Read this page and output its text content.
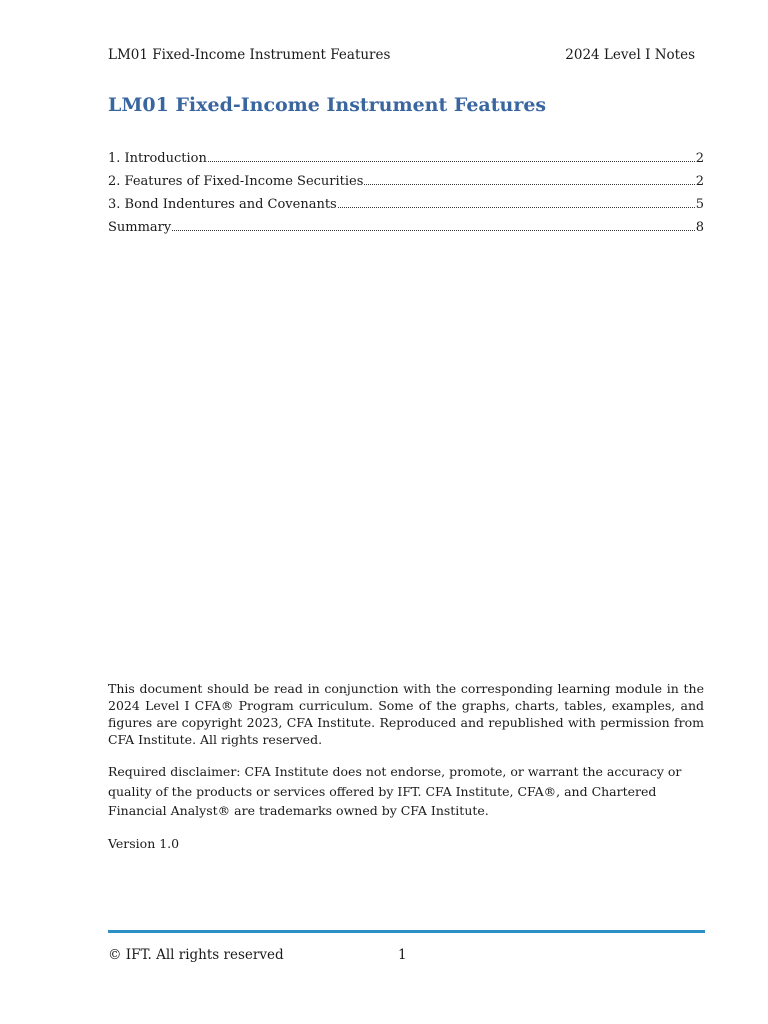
LM01 Fixed-Income Instrument Features	2024 Level I Notes
LM01 Fixed-Income Instrument Features
1. Introduction	2
2. Features of Fixed-Income Securities	2
3. Bond Indentures and Covenants	5
Summary	8

This document should be read in conjunction with the corresponding learning module in the 2024 Level I CFA® Program curriculum. Some of the graphs, charts, tables, examples, and figures are copyright 2023, CFA Institute. Reproduced and republished with permission from CFA Institute. All rights reserved.

Required disclaimer: CFA Institute does not endorse, promote, or warrant the accuracy or quality of the products or services offered by IFT. CFA Institute, CFA®, and Chartered Financial Analyst® are trademarks owned by CFA Institute.

Version 1.0

© IFT. All rights reserved	1
